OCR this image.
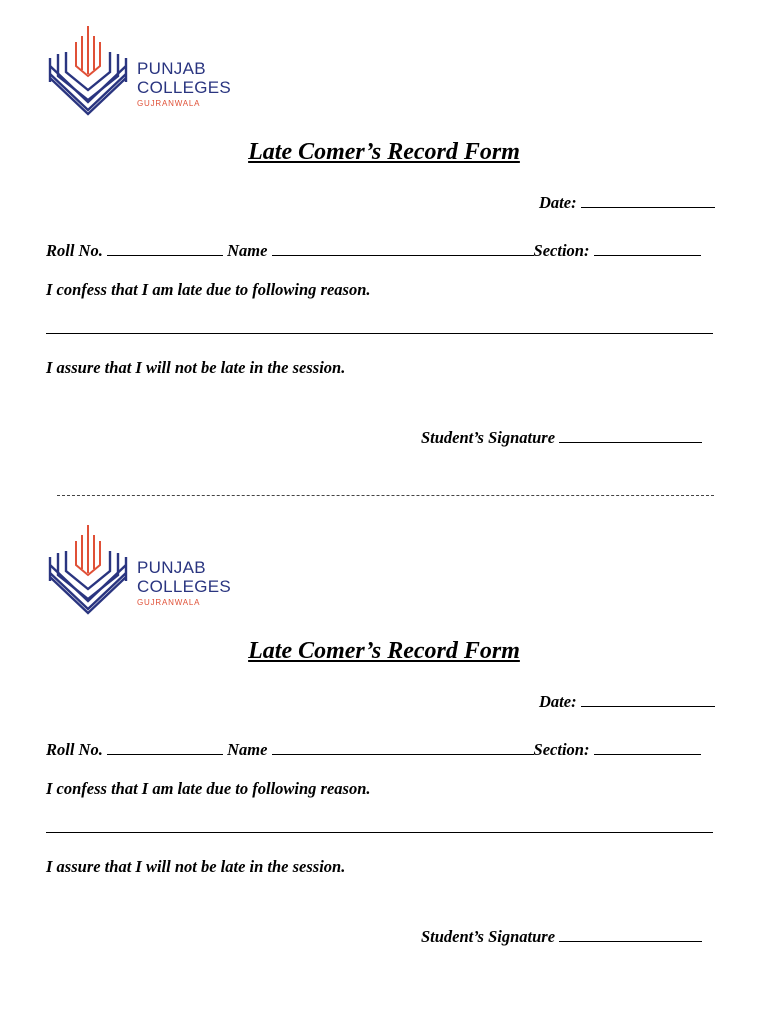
PUNJAB
COLLEGES
GUJRANWALA
Late Comer’s Record Form
Date:
Roll No.	Name	Section:
I confess that I am late due to following reason.
I assure that I will not be late in the session.
Student’s Signature
PUNJAB
COLLEGES
GUJRANWALA
Late Comer’s Record Form
Date:
Roll No.	Name	Section:
I confess that I am late due to following reason.
I assure that I will not be late in the session.
Student’s Signature
